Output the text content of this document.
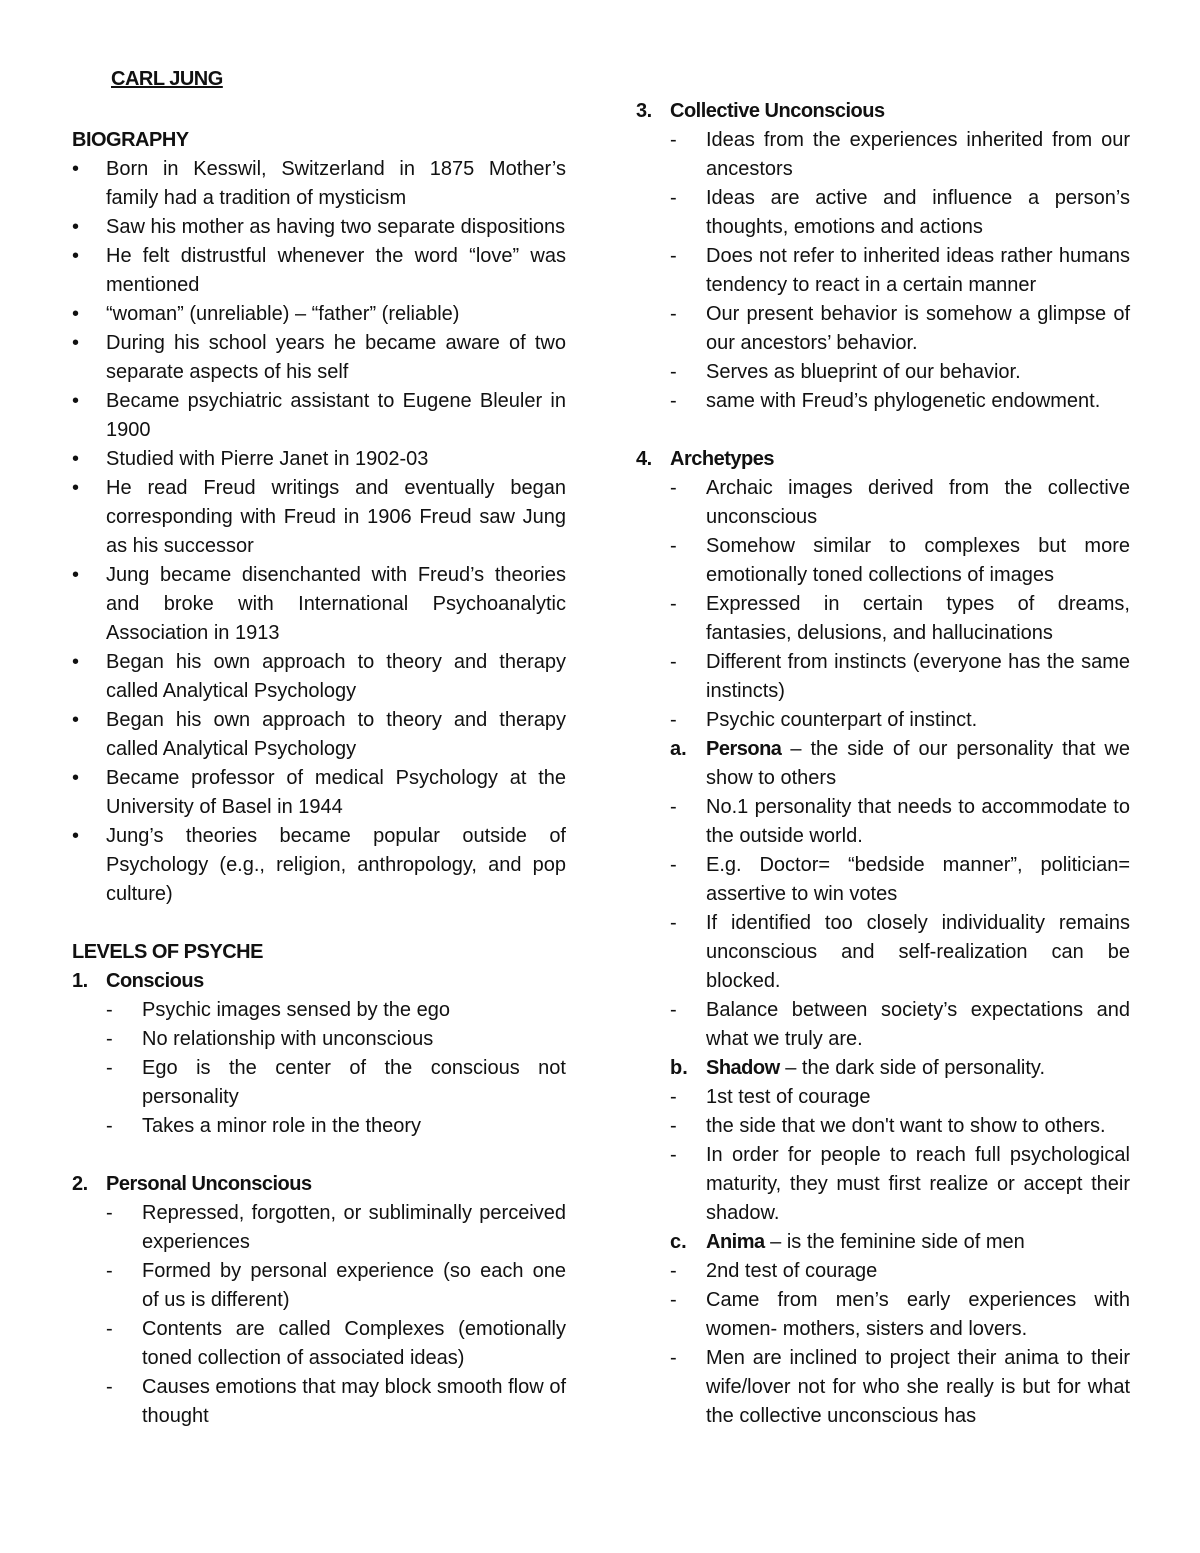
CARL JUNG

BIOGRAPHY

• Born in Kesswil, Switzerland in 1875 Mother’s family had a tradition of mysticism
• Saw his mother as having two separate dispositions
• He felt distrustful whenever the word “love” was mentioned
• “woman” (unreliable) – “father” (reliable)
• During his school years he became aware of two separate aspects of his self
• Became psychiatric assistant to Eugene Bleuler in 1900
• Studied with Pierre Janet in 1902-03
• He read Freud writings and eventually began corresponding with Freud in 1906 Freud saw Jung as his successor
• Jung became disenchanted with Freud’s theories and broke with International Psychoanalytic Association in 1913
• Began his own approach to theory and therapy called Analytical Psychology
• Began his own approach to theory and therapy called Analytical Psychology
• Became professor of medical Psychology at the University of Basel in 1944
• Jung’s theories became popular outside of Psychology (e.g., religion, anthropology, and pop culture)

LEVELS OF PSYCHE

1. Conscious
- Psychic images sensed by the ego
- No relationship with unconscious
- Ego is the center of the conscious not personality
- Takes a minor role in the theory
2. Personal Unconscious
- Repressed, forgotten, or subliminally perceived experiences
- Formed by personal experience (so each one of us is different)
- Contents are called Complexes (emotionally toned collection of associated ideas)
- Causes emotions that may block smooth flow of thought
3. Collective Unconscious
- Ideas from the experiences inherited from our ancestors
- Ideas are active and influence a person’s thoughts, emotions and actions
- Does not refer to inherited ideas rather humans tendency to react in a certain manner
- Our present behavior is somehow a glimpse of our ancestors’ behavior.
- Serves as blueprint of our behavior.
- same with Freud’s phylogenetic endowment.
4. Archetypes
- Archaic images derived from the collective unconscious
- Somehow similar to complexes but more emotionally toned collections of images
- Expressed in certain types of dreams, fantasies, delusions, and hallucinations
- Different from instincts (everyone has the same instincts)
- Psychic counterpart of instinct.
a. Persona – the side of our personality that we show to others
- No.1 personality that needs to accommodate to the outside world.
- E.g. Doctor= “bedside manner”, politician= assertive to win votes
- If identified too closely individuality remains unconscious and self-realization can be blocked.
- Balance between society’s expectations and what we truly are.
b. Shadow – the dark side of personality.
- 1st test of courage
- the side that we don't want to show to others.
- In order for people to reach full psychological maturity, they must first realize or accept their shadow.
c. Anima – is the feminine side of men
- 2nd test of courage
- Came from men’s early experiences with women- mothers, sisters and lovers.
- Men are inclined to project their anima to their wife/lover not for who she really is but for what the collective unconscious has
